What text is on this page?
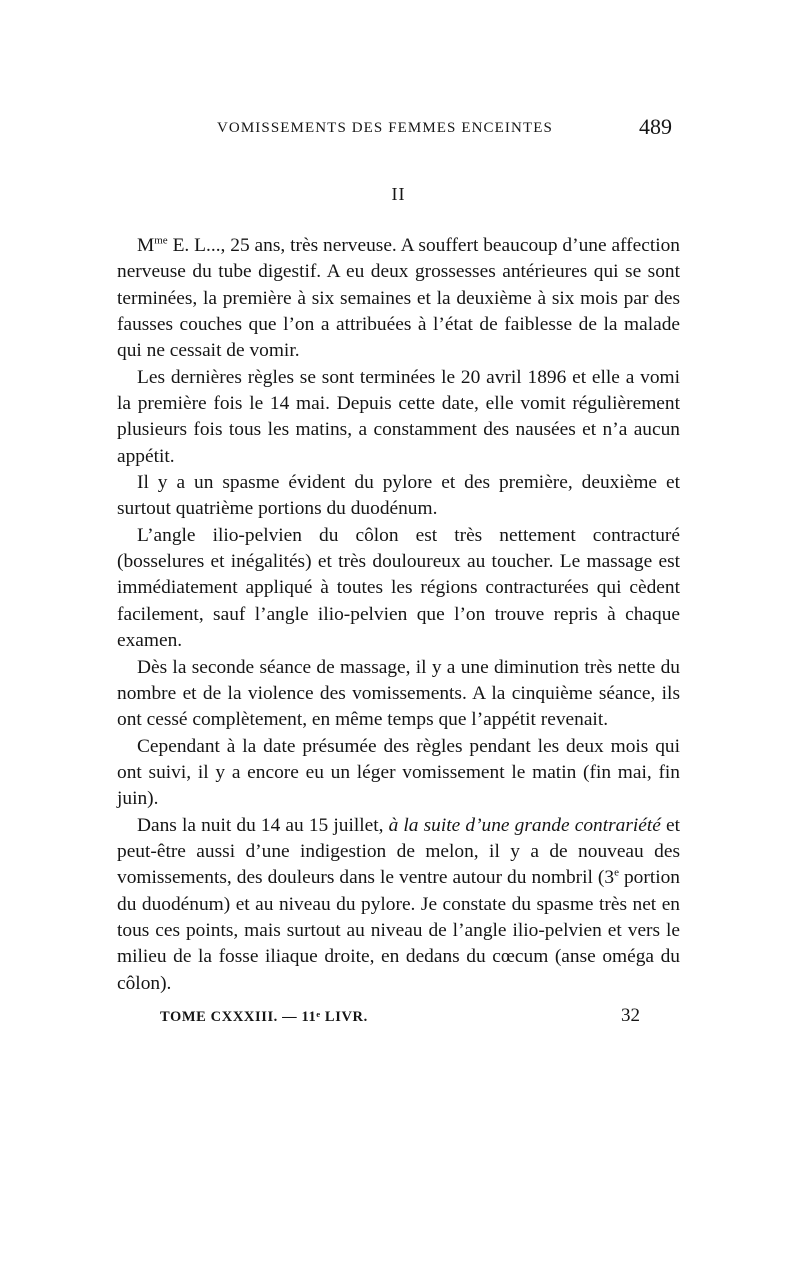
VOMISSEMENTS DES FEMMES ENCEINTES	489
II

$M^{me}$ E. L..., 25 ans, très nerveuse. A souffert beaucoup d’une affection nerveuse du tube digestif. A eu deux grossesses antérieures qui se sont terminées, la première à six semaines et la deuxième à six mois par des fausses couches que l’on a attribuées à l’état de faiblesse de la malade qui ne cessait de vomir.

Les dernières règles se sont terminées le 20 avril 1896 et elle a vomi la première fois le 14 mai. Depuis cette date, elle vomit régulièrement plusieurs fois tous les matins, a constamment des nausées et n’a aucun appétit.

Il y a un spasme évident du pylore et des première, deuxième et surtout quatrième portions du duodénum.

L’angle ilio-pelvien du côlon est très nettement contracturé (bosselures et inégalités) et très douloureux au toucher. Le massage est immédiatement appliqué à toutes les régions contracturées qui cèdent facilement, sauf l’angle ilio-pelvien que l’on trouve repris à chaque examen.

Dès la seconde séance de massage, il y a une diminution très nette du nombre et de la violence des vomissements. A la cinquième séance, ils ont cessé complètement, en même temps que l’appétit revenait.

Cependant à la date présumée des règles pendant les deux mois qui ont suivi, il y a encore eu un léger vomissement le matin (fin mai, fin juin).

Dans la nuit du 14 au 15 juillet, à la suite d’une grande contrariété et peut-être aussi d’une indigestion de melon, il y a de nouveau des vomissements, des douleurs dans le ventre autour du nombril (3e portion du duodénum) et au niveau du pylore. Je constate du spasme très net en tous ces points, mais surtout au niveau de l’angle ilio-pelvien et vers le milieu de la fosse iliaque droite, en dedans du cœcum (anse oméga du côlon).

TOME CXXXIII. — 11ᵉ LIVR.	32
